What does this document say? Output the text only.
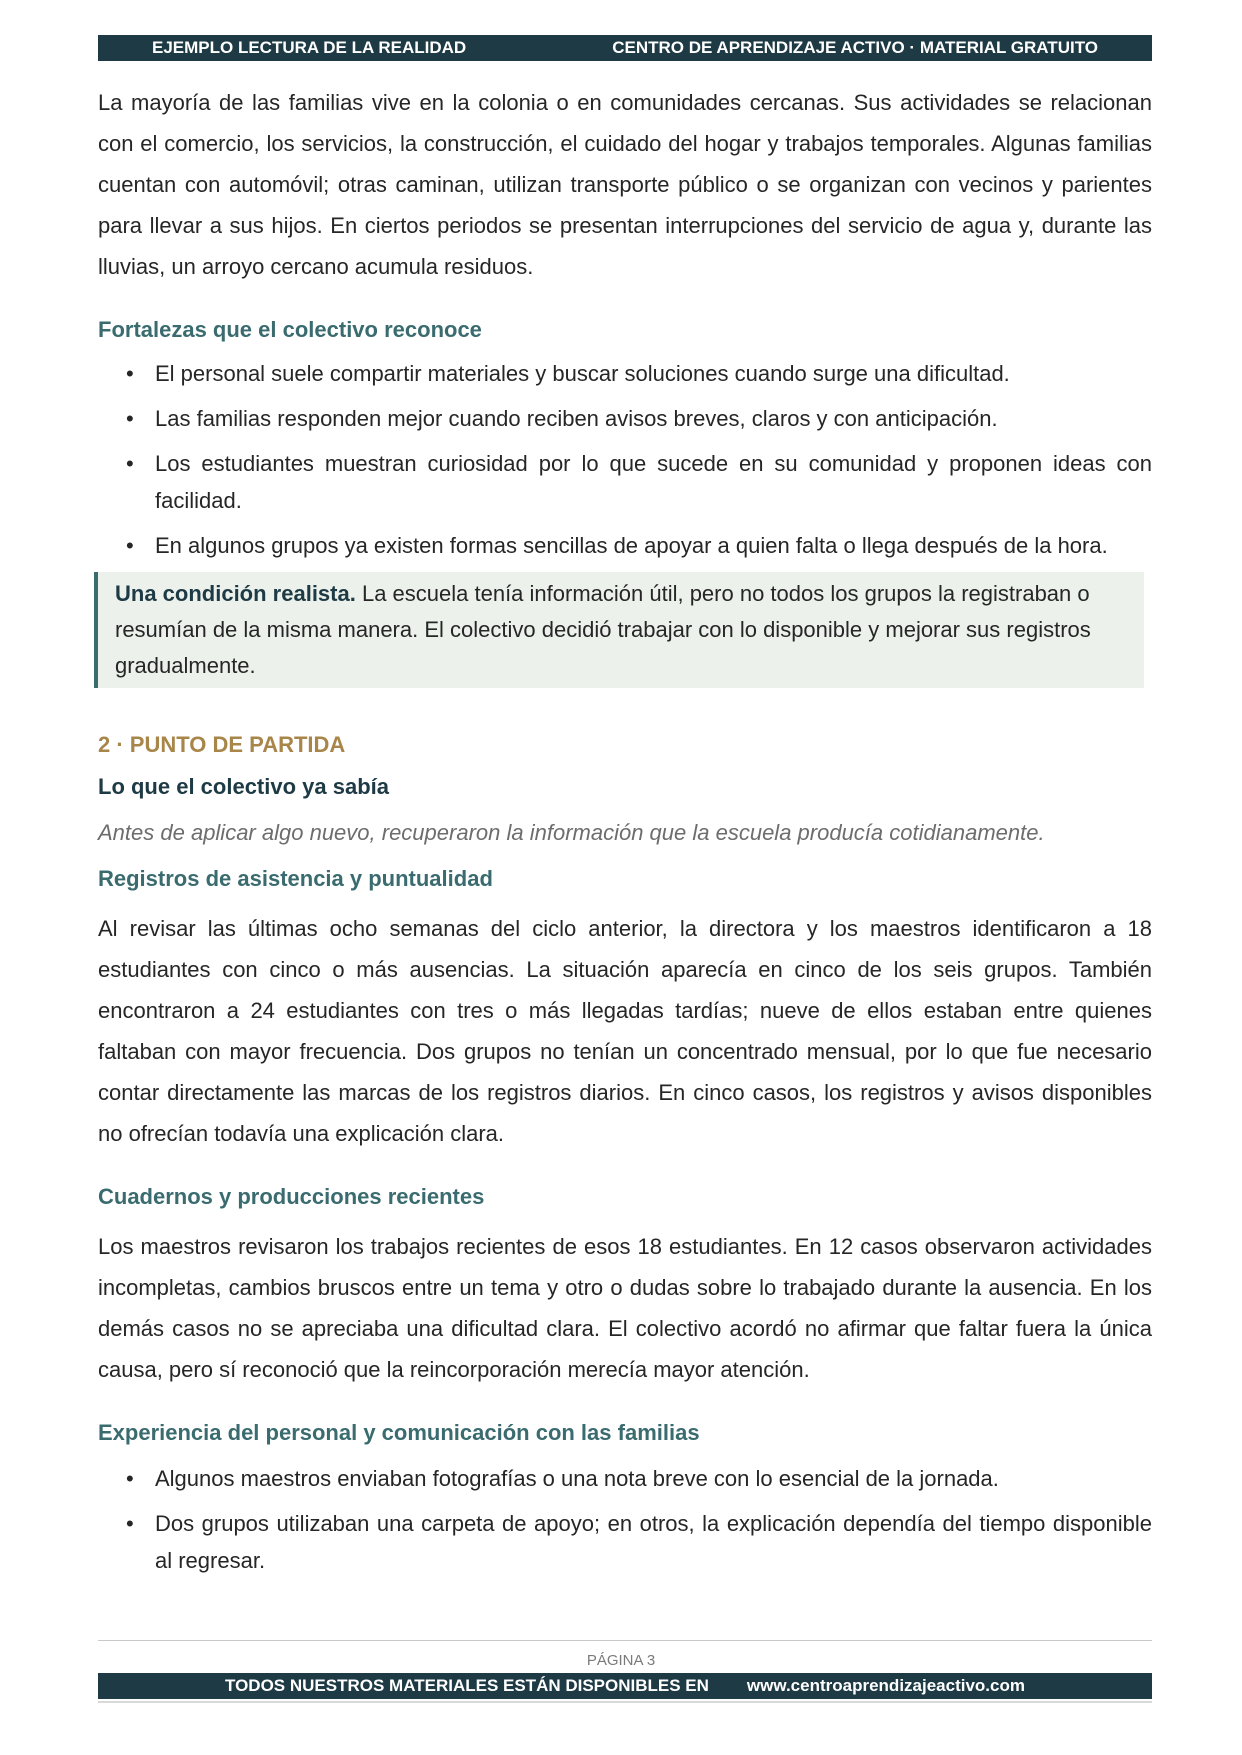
EJEMPLO LECTURA DE LA REALIDAD	CENTRO DE APRENDIZAJE ACTIVO · MATERIAL GRATUITO

La mayoría de las familias vive en la colonia o en comunidades cercanas. Sus actividades se relacionan con el comercio, los servicios, la construcción, el cuidado del hogar y trabajos temporales. Algunas familias cuentan con automóvil; otras caminan, utilizan transporte público o se organizan con vecinos y parientes para llevar a sus hijos. En ciertos periodos se presentan interrupciones del servicio de agua y, durante las lluvias, un arroyo cercano acumula residuos.

Fortalezas que el colectivo reconoce
• El personal suele compartir materiales y buscar soluciones cuando surge una dificultad.
• Las familias responden mejor cuando reciben avisos breves, claros y con anticipación.
• Los estudiantes muestran curiosidad por lo que sucede en su comunidad y proponen ideas con facilidad.
• En algunos grupos ya existen formas sencillas de apoyar a quien falta o llega después de la hora.
Una condición realista. La escuela tenía información útil, pero no todos los grupos la registraban o resumían de la misma manera. El colectivo decidió trabajar con lo disponible y mejorar sus registros gradualmente.
2 · PUNTO DE PARTIDA
Lo que el colectivo ya sabía

Antes de aplicar algo nuevo, recuperaron la información que la escuela producía cotidianamente.

Registros de asistencia y puntualidad

Al revisar las últimas ocho semanas del ciclo anterior, la directora y los maestros identificaron a 18 estudiantes con cinco o más ausencias. La situación aparecía en cinco de los seis grupos. También encontraron a 24 estudiantes con tres o más llegadas tardías; nueve de ellos estaban entre quienes faltaban con mayor frecuencia. Dos grupos no tenían un concentrado mensual, por lo que fue necesario contar directamente las marcas de los registros diarios. En cinco casos, los registros y avisos disponibles no ofrecían todavía una explicación clara.

Cuadernos y producciones recientes

Los maestros revisaron los trabajos recientes de esos 18 estudiantes. En 12 casos observaron actividades incompletas, cambios bruscos entre un tema y otro o dudas sobre lo trabajado durante la ausencia. En los demás casos no se apreciaba una dificultad clara. El colectivo acordó no afirmar que faltar fuera la única causa, pero sí reconoció que la reincorporación merecía mayor atención.

Experiencia del personal y comunicación con las familias
• Algunos maestros enviaban fotografías o una nota breve con lo esencial de la jornada.
• Dos grupos utilizaban una carpeta de apoyo; en otros, la explicación dependía del tiempo disponible al regresar.
PÁGINA 3
TODOS NUESTROS MATERIALES ESTÁN DISPONIBLES EN www.centroaprendizajeactivo.com
